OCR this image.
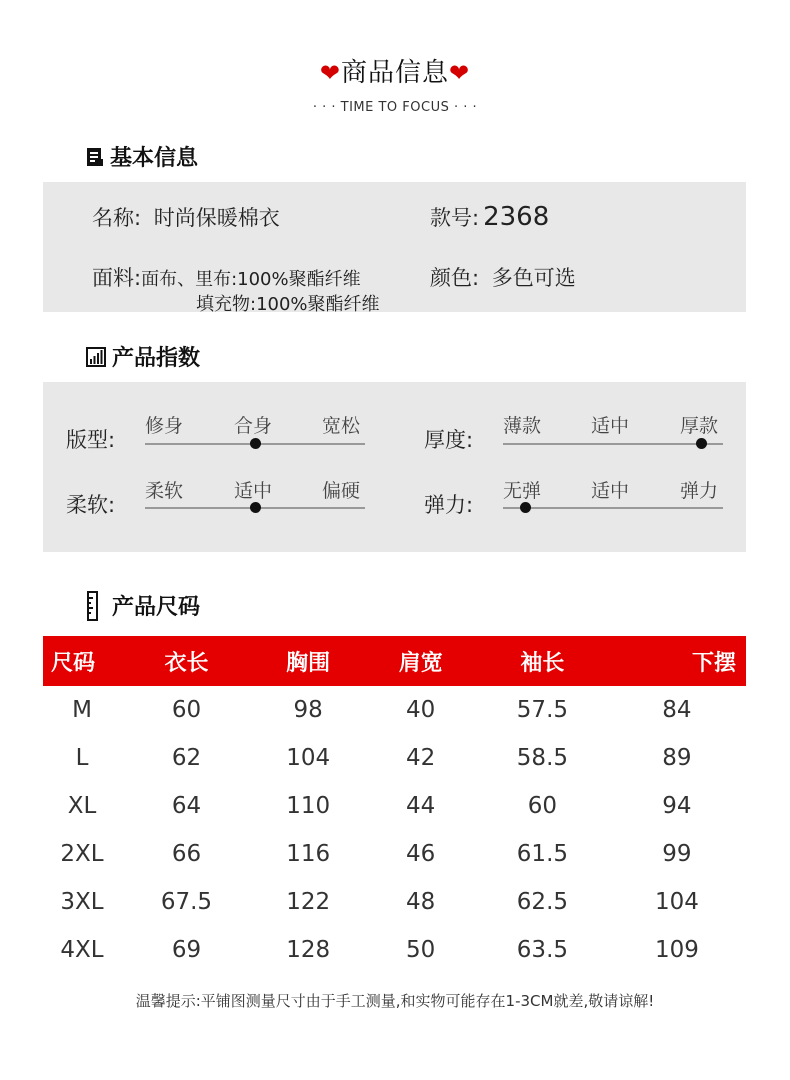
❤商品信息❤
· · · TIME TO FOCUS · · ·
基本信息
名称: 时尚保暖棉衣	款号: 2368
面料:面布、里布:100%聚酯纤维
填充物:100%聚酯纤维
颜色: 多色可选
产品指数
版型:
修身	合身	宽松
厚度:
薄款	适中	厚款
柔软:
柔软	适中	偏硬
弹力:
无弹	适中	弹力
产品尺码
尺码	衣长	胸围	肩宽	袖长	下摆
M	60	98	40	57.5	84
L	62	104	42	58.5	89
XL	64	110	44	60	94
2XL	66	116	46	61.5	99
3XL	67.5	122	48	62.5	104
4XL	69	128	50	63.5	109
温馨提示:平铺图测量尺寸由于手工测量,和实物可能存在1-3CM就差,敬请谅解!
